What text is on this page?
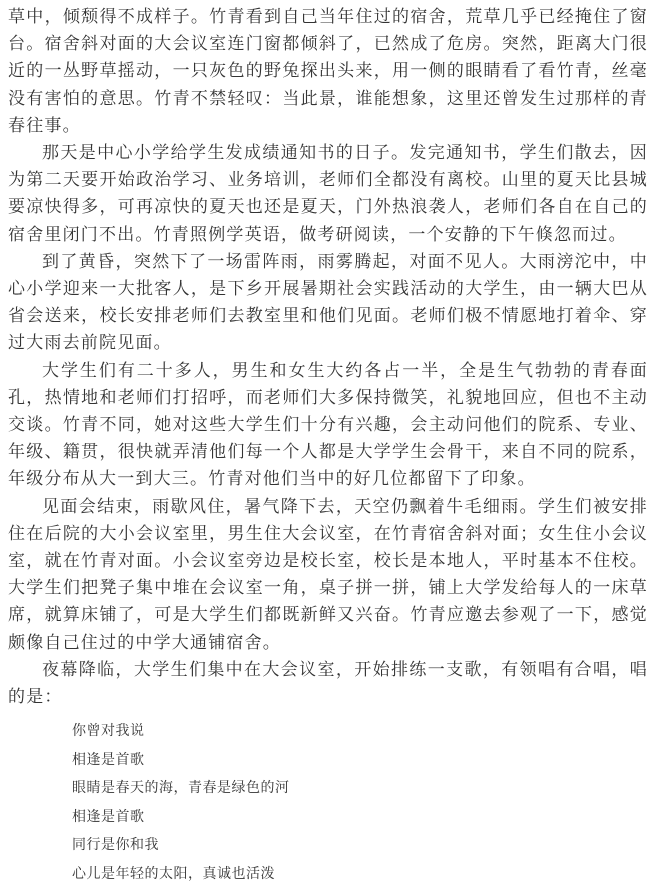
草中，倾颓得不成样子。竹青看到自己当年住过的宿舍，荒草几乎已经掩住了窗台。宿舍斜对面的大会议室连门窗都倾斜了，已然成了危房。突然，距离大门很近的一丛野草摇动，一只灰色的野兔探出头来，用一侧的眼睛看了看竹青，丝毫没有害怕的意思。竹青不禁轻叹：当此景，谁能想象，这里还曾发生过那样的青春往事。

那天是中心小学给学生发成绩通知书的日子。发完通知书，学生们散去，因为第二天要开始政治学习、业务培训，老师们全都没有离校。山里的夏天比县城要凉快得多，可再凉快的夏天也还是夏天，门外热浪袭人，老师们各自在自己的宿舍里闭门不出。竹青照例学英语，做考研阅读，一个安静的下午倏忽而过。

到了黄昏，突然下了一场雷阵雨，雨雾腾起，对面不见人。大雨滂沱中，中心小学迎来一大批客人，是下乡开展暑期社会实践活动的大学生，由一辆大巴从省会送来，校长安排老师们去教室里和他们见面。老师们极不情愿地打着伞、穿过大雨去前院见面。

大学生们有二十多人，男生和女生大约各占一半，全是生气勃勃的青春面孔，热情地和老师们打招呼，而老师们大多保持微笑，礼貌地回应，但也不主动交谈。竹青不同，她对这些大学生们十分有兴趣，会主动问他们的院系、专业、年级、籍贯，很快就弄清他们每一个人都是大学学生会骨干，来自不同的院系，年级分布从大一到大三。竹青对他们当中的好几位都留下了印象。

见面会结束，雨歇风住，暑气降下去，天空仍飘着牛毛细雨。学生们被安排住在后院的大小会议室里，男生住大会议室，在竹青宿舍斜对面；女生住小会议室，就在竹青对面。小会议室旁边是校长室，校长是本地人，平时基本不住校。大学生们把凳子集中堆在会议室一角，桌子拼一拼，铺上大学发给每人的一床草席，就算床铺了，可是大学生们都既新鲜又兴奋。竹青应邀去参观了一下，感觉颇像自己住过的中学大通铺宿舍。

夜幕降临，大学生们集中在大会议室，开始排练一支歌，有领唱有合唱，唱的是：

你曾对我说
相逢是首歌
眼睛是春天的海，青春是绿色的河
相逢是首歌
同行是你和我
心儿是年轻的太阳，真诚也活泼
